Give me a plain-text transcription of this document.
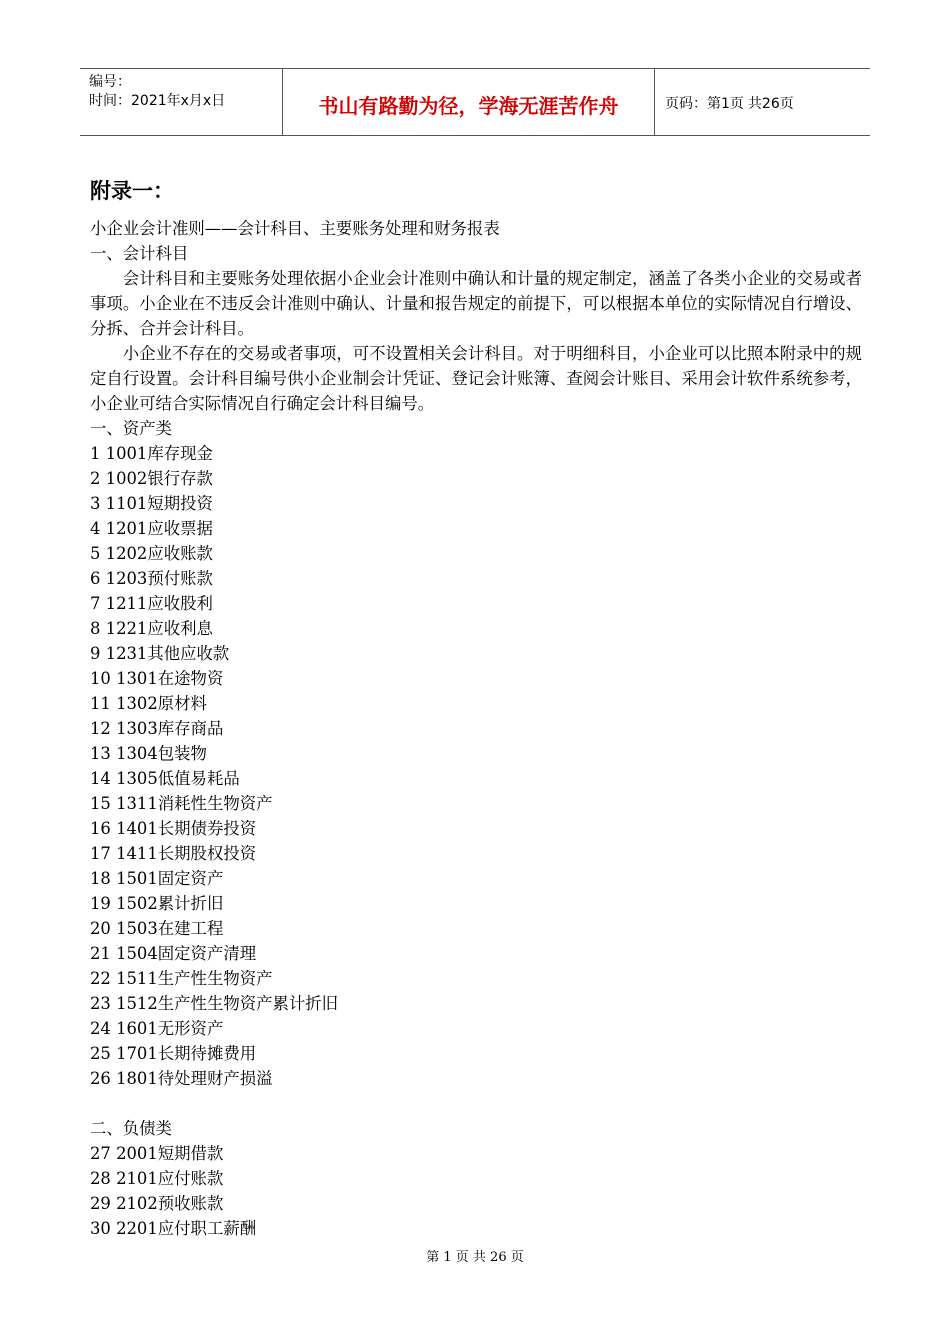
编号：
时间：2021年x月x日	书山有路勤为径，学海无涯苦作舟	页码：第1页 共26页
附录一：
小企业会计准则——会计科目、主要账务处理和财务报表
一、会计科目
会计科目和主要账务处理依据小企业会计准则中确认和计量的规定制定，涵盖了各类小企业的交易或者事项。小企业在不违反会计准则中确认、计量和报告规定的前提下，可以根据本单位的实际情况自行增设、分拆、合并会计科目。
小企业不存在的交易或者事项，可不设置相关会计科目。对于明细科目，小企业可以比照本附录中的规定自行设置。会计科目编号供小企业制会计凭证、登记会计账簿、查阅会计账目、采用会计软件系统参考，小企业可结合实际情况自行确定会计科目编号。
一、资产类
1 1001库存现金
2 1002银行存款
3 1101短期投资
4 1201应收票据
5 1202应收账款
6 1203预付账款
7 1211应收股利
8 1221应收利息
9 1231其他应收款
10 1301在途物资
11 1302原材料
12 1303库存商品
13 1304包装物
14 1305低值易耗品
15 1311消耗性生物资产
16 1401长期债券投资
17 1411长期股权投资
18 1501固定资产
19 1502累计折旧
20 1503在建工程
21 1504固定资产清理
22 1511生产性生物资产
23 1512生产性生物资产累计折旧
24 1601无形资产
25 1701长期待摊费用
26 1801待处理财产损溢
二、负债类
27 2001短期借款
28 2101应付账款
29 2102预收账款
30 2201应付职工薪酬
第 1 页 共 26 页
